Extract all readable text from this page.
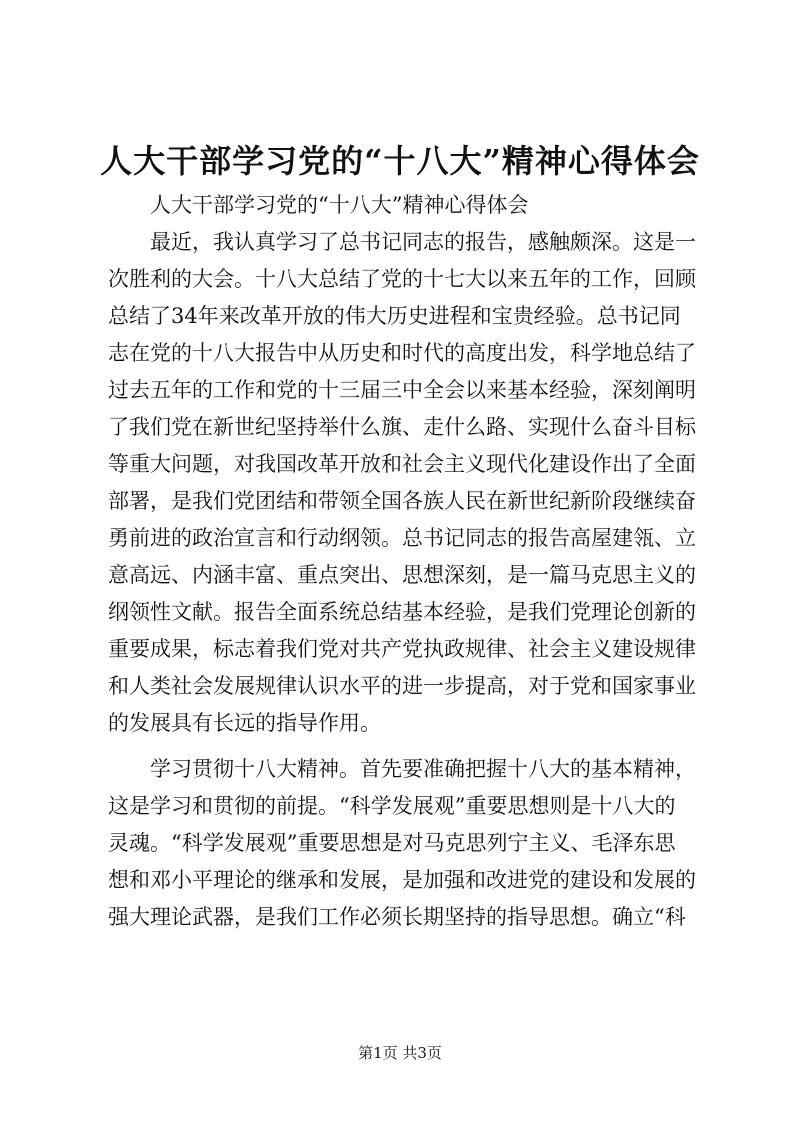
人大干部学习党的“十八大”精神心得体会
人大干部学习党的“十八大”精神心得体会
　　最近，我认真学习了总书记同志的报告，感触颇深。这是一
次胜利的大会。十八大总结了党的十七大以来五年的工作，回顾
总结了34年来改革开放的伟大历史进程和宝贵经验。总书记同
志在党的十八大报告中从历史和时代的高度出发，科学地总结了
过去五年的工作和党的十三届三中全会以来基本经验，深刻阐明
了我们党在新世纪坚持举什么旗、走什么路、实现什么奋斗目标
等重大问题，对我国改革开放和社会主义现代化建设作出了全面
部署，是我们党团结和带领全国各族人民在新世纪新阶段继续奋
勇前进的政治宣言和行动纲领。总书记同志的报告高屋建瓴、立
意高远、内涵丰富、重点突出、思想深刻，是一篇马克思主义的
纲领性文献。报告全面系统总结基本经验，是我们党理论创新的
重要成果，标志着我们党对共产党执政规律、社会主义建设规律
和人类社会发展规律认识水平的进一步提高，对于党和国家事业
的发展具有长远的指导作用。
　　学习贯彻十八大精神。首先要准确把握十八大的基本精神，
这是学习和贯彻的前提。“科学发展观”重要思想则是十八大的
灵魂。“科学发展观”重要思想是对马克思列宁主义、毛泽东思
想和邓小平理论的继承和发展，是加强和改进党的建设和发展的
强大理论武器，是我们工作必须长期坚持的指导思想。确立“科
第1页 共3页
